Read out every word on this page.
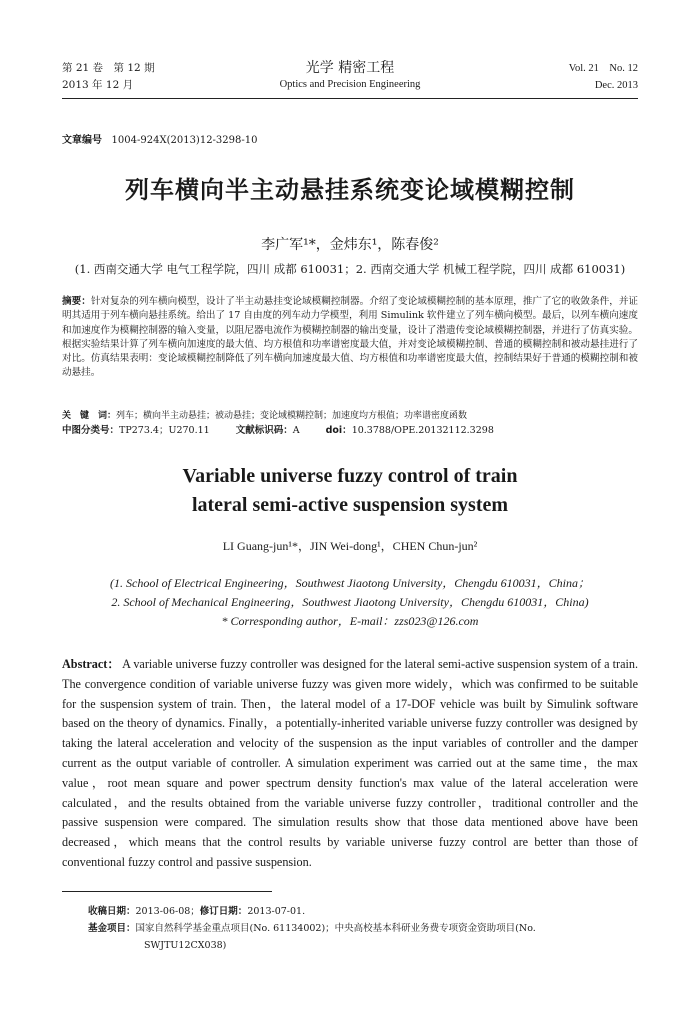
第 21 卷　第 12 期
2013 年 12 月
光学 精密工程
Optics and Precision Engineering
Vol. 21　No. 12
Dec. 2013
文章编号 1004-924X(2013)12-3298-10
列车横向半主动悬挂系统变论域模糊控制
李广军¹*，金炜东¹，陈春俊²
(1. 西南交通大学 电气工程学院，四川 成都 610031；2. 西南交通大学 机械工程学院，四川 成都 610031)
摘要：针对复杂的列车横向模型，设计了半主动悬挂变论域模糊控制器。介绍了变论域模糊控制的基本原理，推广了它的收敛条件，并证明其适用于列车横向悬挂系统。给出了 17 自由度的列车动力学模型，利用 Simulink 软件建立了列车横向模型。最后，以列车横向速度和加速度作为模糊控制器的输入变量，以阻尼器电流作为模糊控制器的输出变量，设计了潜遗传变论域模糊控制器，并进行了仿真实验。根据实验结果计算了列车横向加速度的最大值、均方根值和功率谱密度最大值，并对变论域模糊控制、普通的模糊控制和被动悬挂进行了对比。仿真结果表明：变论域模糊控制降低了列车横向加速度最大值、均方根值和功率谱密度最大值，控制结果好于普通的模糊控制和被动悬挂。
关　键　词：列车；横向半主动悬挂；被动悬挂；变论域模糊控制；加速度均方根值；功率谱密度函数
中图分类号：TP273.4；U270.11	文献标识码：A	doi：10.3788/OPE.20132112.3298
Variable universe fuzzy control of train
lateral semi-active suspension system
LI Guang-jun¹*，JIN Wei-dong¹，CHEN Chun-jun²
(1. School of Electrical Engineering，Southwest Jiaotong University，Chengdu 610031，China；
2. School of Mechanical Engineering，Southwest Jiaotong University，Chengdu 610031，China)
* Corresponding author，E-mail：zzs023@126.com
Abstract： A variable universe fuzzy controller was designed for the lateral semi-active suspension system of a train. The convergence condition of variable universe fuzzy was given more widely，which was confirmed to be suitable for the suspension system of train. Then，the lateral model of a 17-DOF vehicle was built by Simulink software based on the theory of dynamics. Finally，a potentially-inherited variable universe fuzzy controller was designed by taking the lateral acceleration and velocity of the suspension as the input variables of controller and the damper current as the output variable of controller. A simulation experiment was carried out at the same time，the max value，root mean square and power spectrum density function's max value of the lateral acceleration were calculated，and the results obtained from the variable universe fuzzy controller，traditional controller and the passive suspension were compared. The simulation results show that those data mentioned above have been decreased，which means that the control results by variable universe fuzzy control are better than those of conventional fuzzy control and passive suspension.
收稿日期：2013-06-08；修订日期：2013-07-01.
基金项目：国家自然科学基金重点项目(No. 61134002)；中央高校基本科研业务费专项资金资助项目(No.
SWJTU12CX038)
